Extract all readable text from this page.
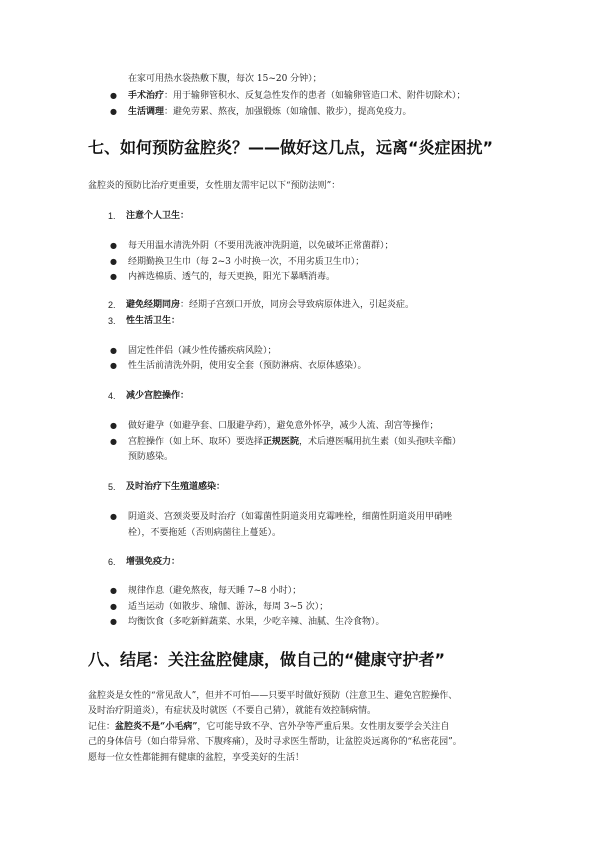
在家可用热水袋热敷下腹，每次 15~20 分钟）；
● 手术治疗：用于输卵管积水、反复急性发作的患者（如输卵管造口术、附件切除术）；
● 生活调理：避免劳累、熬夜，加强锻炼（如瑜伽、散步），提高免疫力。
七、如何预防盆腔炎？——做好这几点，远离“炎症困扰”
盆腔炎的预防比治疗更重要，女性朋友需牢记以下“预防法则”：
1. 注意个人卫生：
● 每天用温水清洗外阴（不要用洗液冲洗阴道，以免破坏正常菌群）；
● 经期勤换卫生巾（每 2~3 小时换一次，不用劣质卫生巾）；
● 内裤选棉质、透气的，每天更换，阳光下暴晒消毒。
2. 避免经期同房：经期子宫颈口开放，同房会导致病原体进入，引起炎症。
3. 性生活卫生：
● 固定性伴侣（减少性传播疾病风险）；
● 性生活前清洗外阴，使用安全套（预防淋病、衣原体感染）。
4. 减少宫腔操作：
● 做好避孕（如避孕套、口服避孕药），避免意外怀孕，减少人流、刮宫等操作；
● 宫腔操作（如上环、取环）要选择正规医院，术后遵医嘱用抗生素（如头孢呋辛酯）
预防感染。
5. 及时治疗下生殖道感染：
● 阴道炎、宫颈炎要及时治疗（如霉菌性阴道炎用克霉唑栓，细菌性阴道炎用甲硝唑
栓），不要拖延（否则病菌往上蔓延）。
6. 增强免疫力：
● 规律作息（避免熬夜，每天睡 7~8 小时）；
● 适当运动（如散步、瑜伽、游泳，每周 3~5 次）；
● 均衡饮食（多吃新鲜蔬菜、水果，少吃辛辣、油腻、生冷食物）。
八、结尾：关注盆腔健康，做自己的“健康守护者”
盆腔炎是女性的“常见敌人”，但并不可怕——只要平时做好预防（注意卫生、避免宫腔操作、
及时治疗阴道炎），有症状及时就医（不要自己猜），就能有效控制病情。
记住：盆腔炎不是“小毛病”，它可能导致不孕、宫外孕等严重后果。女性朋友要学会关注自
己的身体信号（如白带异常、下腹疼痛），及时寻求医生帮助，让盆腔炎远离你的“私密花园”。
愿每一位女性都能拥有健康的盆腔，享受美好的生活！
